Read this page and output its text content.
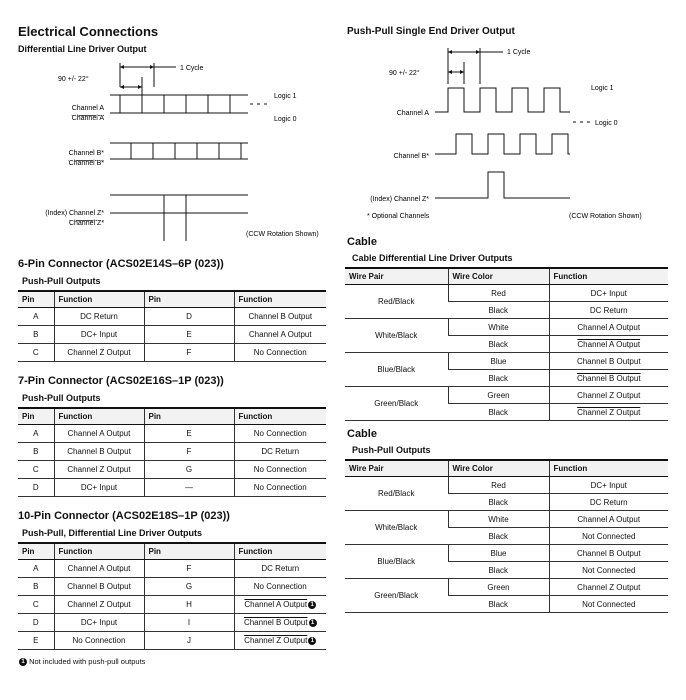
Electrical Connections
Differential Line Driver Output
90 +/- 22°
1 Cycle
Logic 1
Logic 0
Channel A
Channel A
Channel B*
Channel B*
(Index) Channel Z*
Channel Z*
(CCW Rotation Shown)
6-Pin Connector (ACS02E14S–6P (023))
Push-Pull Outputs
Pin	Function	Pin	Function
A	DC Return	D	Channel B Output
B	DC+ Input	E	Channel A Output
C	Channel Z Output	F	No Connection
7-Pin Connector (ACS02E16S–1P (023))
Push-Pull Outputs
Pin	Function	Pin	Function
A	Channel A Output	E	No Connection
B	Channel B Output	F	DC Return
C	Channel Z Output	G	No Connection
D	DC+ Input	—	No Connection
10-Pin Connector (ACS02E18S–1P (023))
Push-Pull, Differential Line Driver Outputs
Pin	Function	Pin	Function
A	Channel A Output	F	DC Return
B	Channel B Output	G	No Connection
C	Channel Z Output	H	Channel A Output 1
D	DC+ Input	I	Channel B Output 1
E	No Connection	J	Channel Z Output 1
1 Not included with push-pull outputs
Push-Pull Single End Driver Output
90 +/- 22°
1 Cycle
Logic 1
Logic 0
Channel A
Channel B*
(Index) Channel Z*
* Optional Channels	(CCW Rotation Shown)
Cable
Cable Differential Line Driver Outputs
Wire Pair	Wire Color	Function
Red/Black	Red	DC+ Input
	Black	DC Return
White/Black	White	Channel A Output
	Black	Channel A Output
Blue/Black	Blue	Channel B Output
	Black	Channel B Output
Green/Black	Green	Channel Z Output
	Black	Channel Z Output
Cable
Push-Pull Outputs
Wire Pair	Wire Color	Function
Red/Black	Red	DC+ Input
	Black	DC Return
White/Black	White	Channel A Output
	Black	Not Connected
Blue/Black	Blue	Channel B Output
	Black	Not Connected
Green/Black	Green	Channel Z Output
	Black	Not Connected
